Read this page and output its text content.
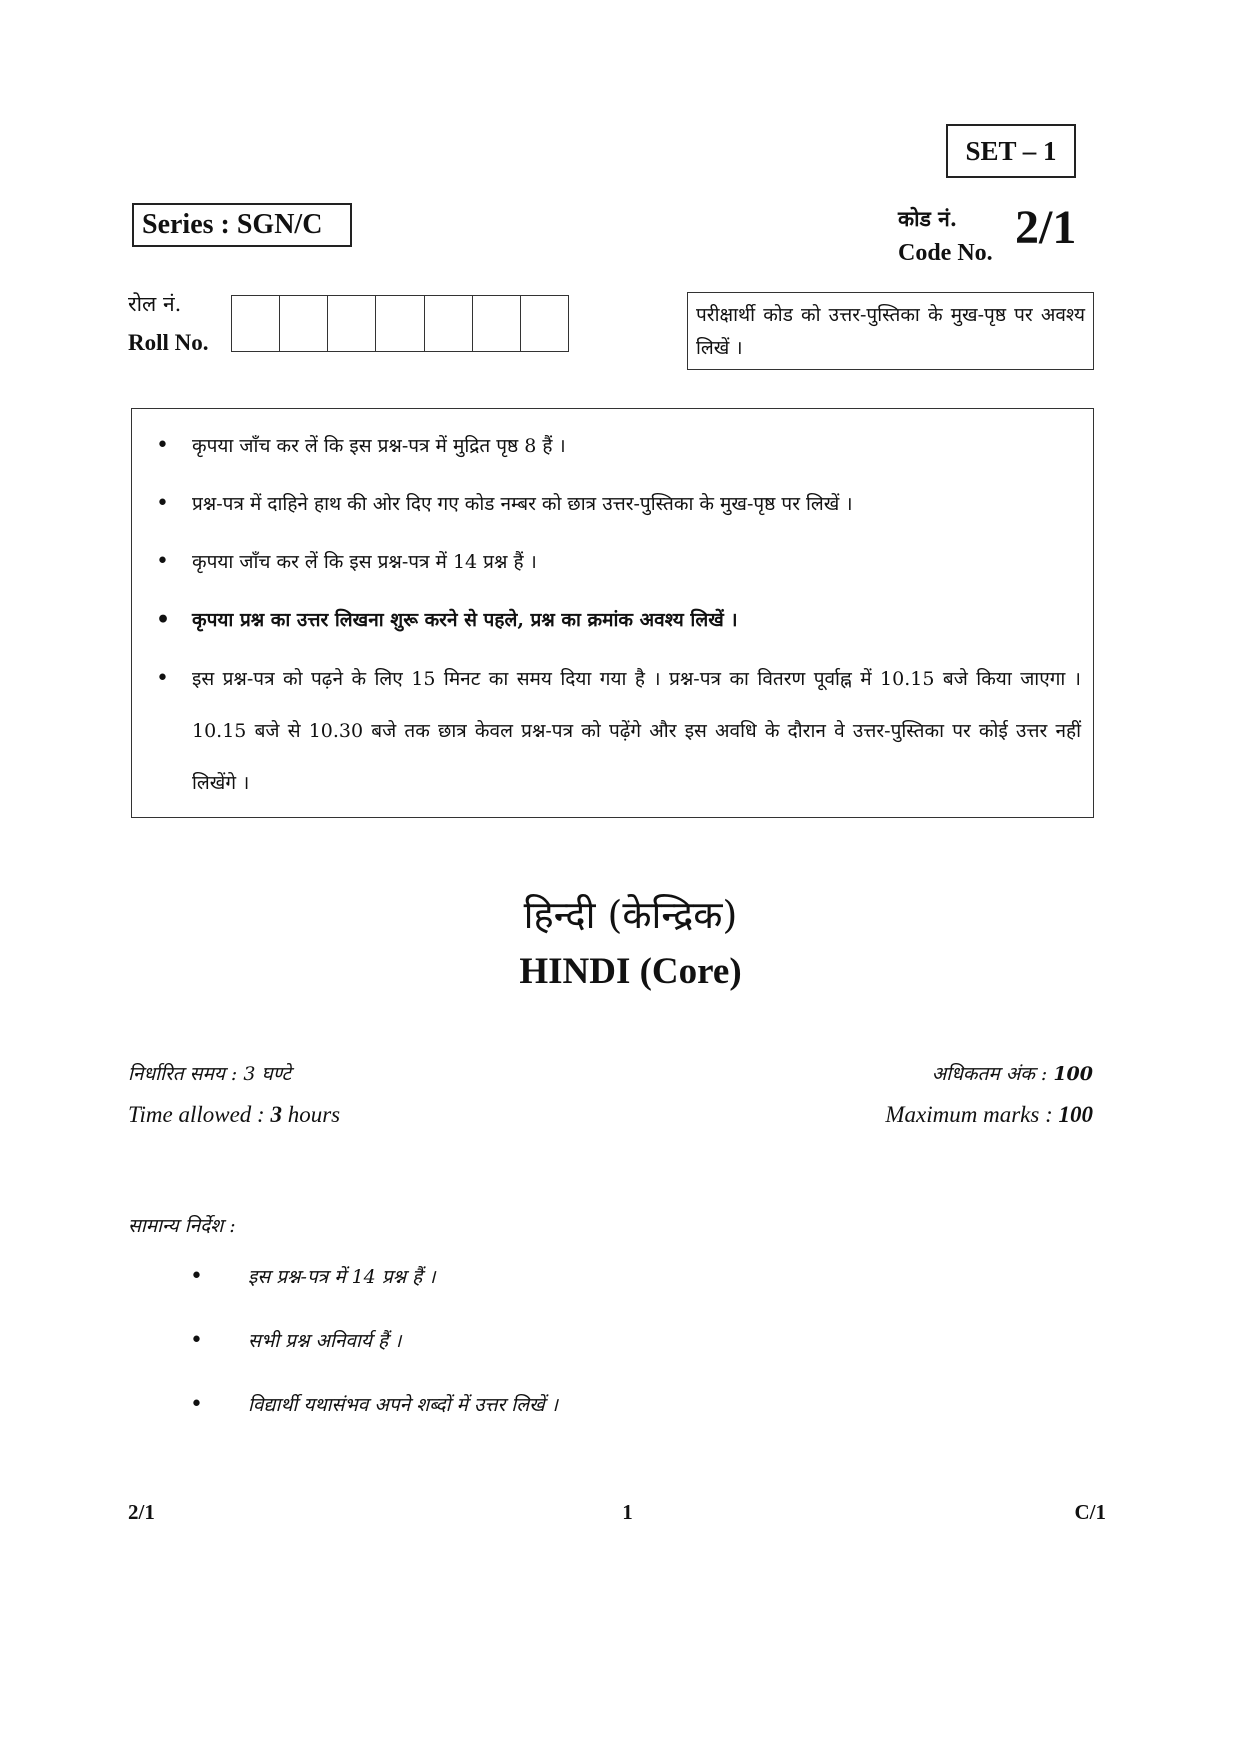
SET – 1
Series : SGN/C	कोड नं.
Code No. 2/1
रोल नं.
Roll No.
परीक्षार्थी कोड को उत्तर-पुस्तिका के मुख-पृष्ठ पर अवश्य लिखें ।
• कृपया जाँच कर लें कि इस प्रश्न-पत्र में मुद्रित पृष्ठ 8 हैं ।
• प्रश्न-पत्र में दाहिने हाथ की ओर दिए गए कोड नम्बर को छात्र उत्तर-पुस्तिका के मुख-पृष्ठ पर लिखें ।
• कृपया जाँच कर लें कि इस प्रश्न-पत्र में 14 प्रश्न हैं ।
• कृपया प्रश्न का उत्तर लिखना शुरू करने से पहले, प्रश्न का क्रमांक अवश्य लिखें ।
• इस प्रश्न-पत्र को पढ़ने के लिए 15 मिनट का समय दिया गया है । प्रश्न-पत्र का वितरण पूर्वाह्न में 10.15 बजे किया जाएगा । 10.15 बजे से 10.30 बजे तक छात्र केवल प्रश्न-पत्र को पढ़ेंगे और इस अवधि के दौरान वे उत्तर-पुस्तिका पर कोई उत्तर नहीं लिखेंगे ।
हिन्दी (केन्द्रिक)
HINDI (Core)
निर्धारित समय : 3 घण्टे
Time allowed : 3 hours
अधिकतम अंक : 100
Maximum marks : 100
सामान्य निर्देश :
• इस प्रश्न-पत्र में 14 प्रश्न हैं ।
• सभी प्रश्न अनिवार्य हैं ।
• विद्यार्थी यथासंभव अपने शब्दों में उत्तर लिखें ।
2/1	1	C/1
